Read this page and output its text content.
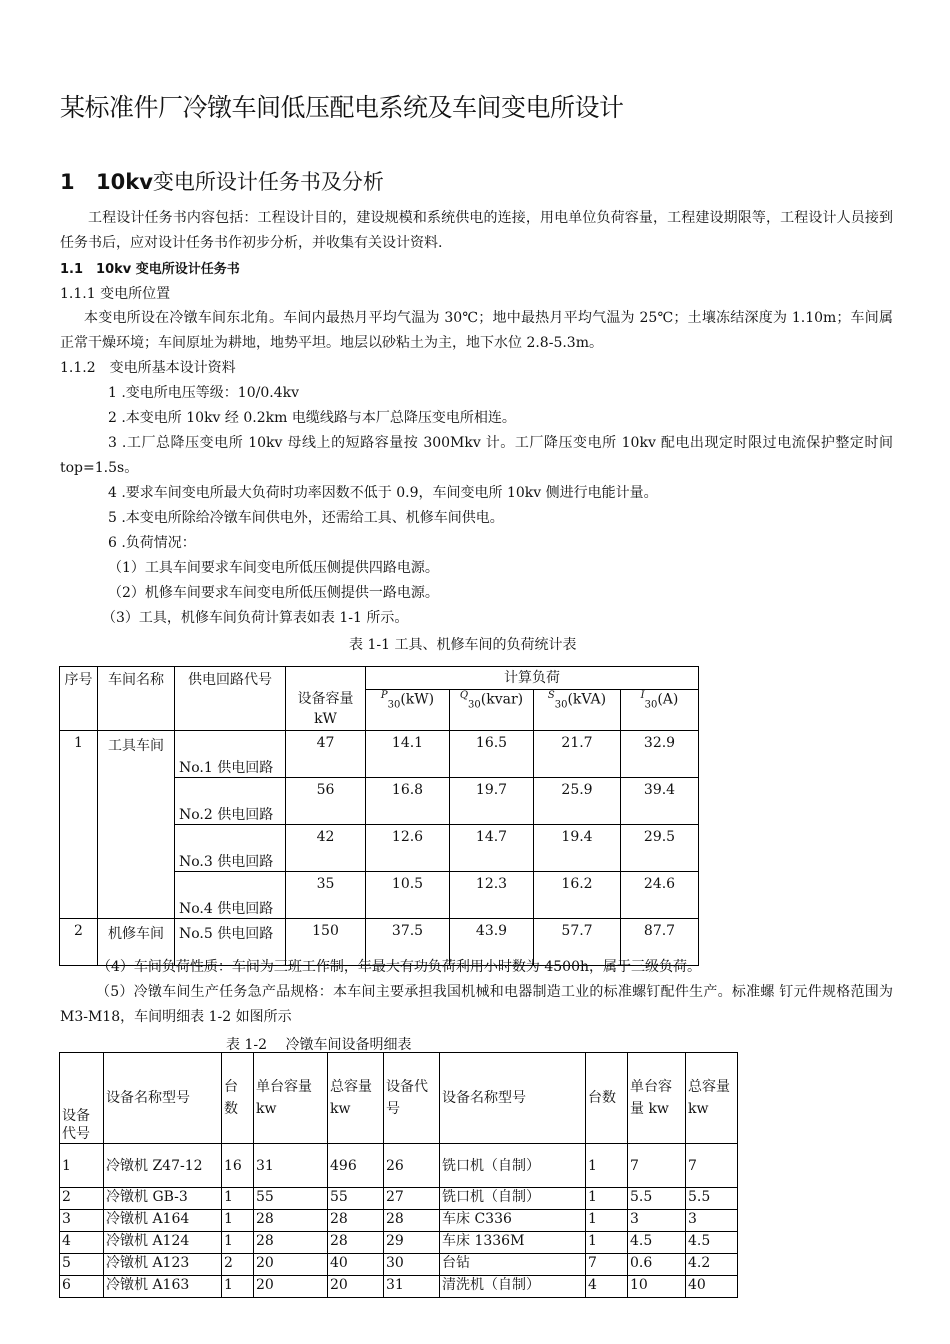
某标准件厂冷镦车间低压配电系统及车间变电所设计
1 10kv变电所设计任务书及分析
工程设计任务书内容包括：工程设计目的，建设规模和系统供电的连接，用电单位负荷容量，工程建设期限等，工程设计人员接到任务书后，应对设计任务书作初步分析，并收集有关设计资料.
1.1　10kv 变电所设计任务书
1.1.1 变电所位置
本变电所设在冷镦车间东北角。车间内最热月平均气温为 30℃；地中最热月平均气温为 25℃；土壤冻结深度为 1.10m；车间属正常干燥环境；车间原址为耕地，地势平坦。地层以砂粘土为主，地下水位 2.8-5.3m。
1.1.2　变电所基本设计资料
1 .变电所电压等级：10/0.4kv
2 .本变电所 10kv 经 0.2km 电缆线路与本厂总降压变电所相连。
3 .工厂总降压变电所 10kv 母线上的短路容量按 300Mkv 计。工厂降压变电所 10kv 配电出现定时限过电流保护整定时间 top=1.5s。
4 .要求车间变电所最大负荷时功率因数不低于 0.9，车间变电所 10kv 侧进行电能计量。
5 .本变电所除给冷镦车间供电外，还需给工具、机修车间供电。
6 .负荷情况：
（1）工具车间要求车间变电所低压侧提供四路电源。
（2）机修车间要求车间变电所低压侧提供一路电源。
（3）工具，机修车间负荷计算表如表 1-1 所示。
表 1-1 工具、机修车间的负荷统计表
序号	车间名称	供电回路代号	设备容量 kW	计算负荷			
				$^P_{30}$(kW)	$^Q_{30}$(kvar)	$^S_{30}$(kVA)	$^I_{30}$(A)
1	工具车间	No.1 供电回路	47	14.1	16.5	21.7	32.9
		No.2 供电回路	56	16.8	19.7	25.9	39.4
		No.3 供电回路	42	12.6	14.7	19.4	29.5
		No.4 供电回路	35	10.5	12.3	16.2	24.6
2	机修车间	No.5 供电回路	150	37.5	43.9	57.7	87.7
（4）车间负荷性质：车间为三班工作制，年最大有功负荷利用小时数为 4500h，属于三级负荷。
（5）冷镦车间生产任务急产品规格：本车间主要承担我国机械和电器制造工业的标准螺钉配件生产。标准螺 钉元件规格范围为 M3-M18，车间明细表 1-2 如图所示
表 1-2　 冷镦车间设备明细表
设备代号	设备名称型号	台数	单台容量 kw	总容量 kw	设备代号	设备名称型号	台数	单台容量 kw	总容量 kw
1	冷镦机 Z47-12	16	31	496	26	铣口机（自制）	1	7	7
2	冷镦机 GB-3	1	55	55	27	铣口机（自制）	1	5.5	5.5
3	冷镦机 A164	1	28	28	28	车床 C336	1	3	3
4	冷镦机 A124	1	28	28	29	车床 1336M	1	4.5	4.5
5	冷镦机 A123	2	20	40	30	台钻	7	0.6	4.2
6	冷镦机 A163	1	20	20	31	清洗机（自制）	4	10	40
